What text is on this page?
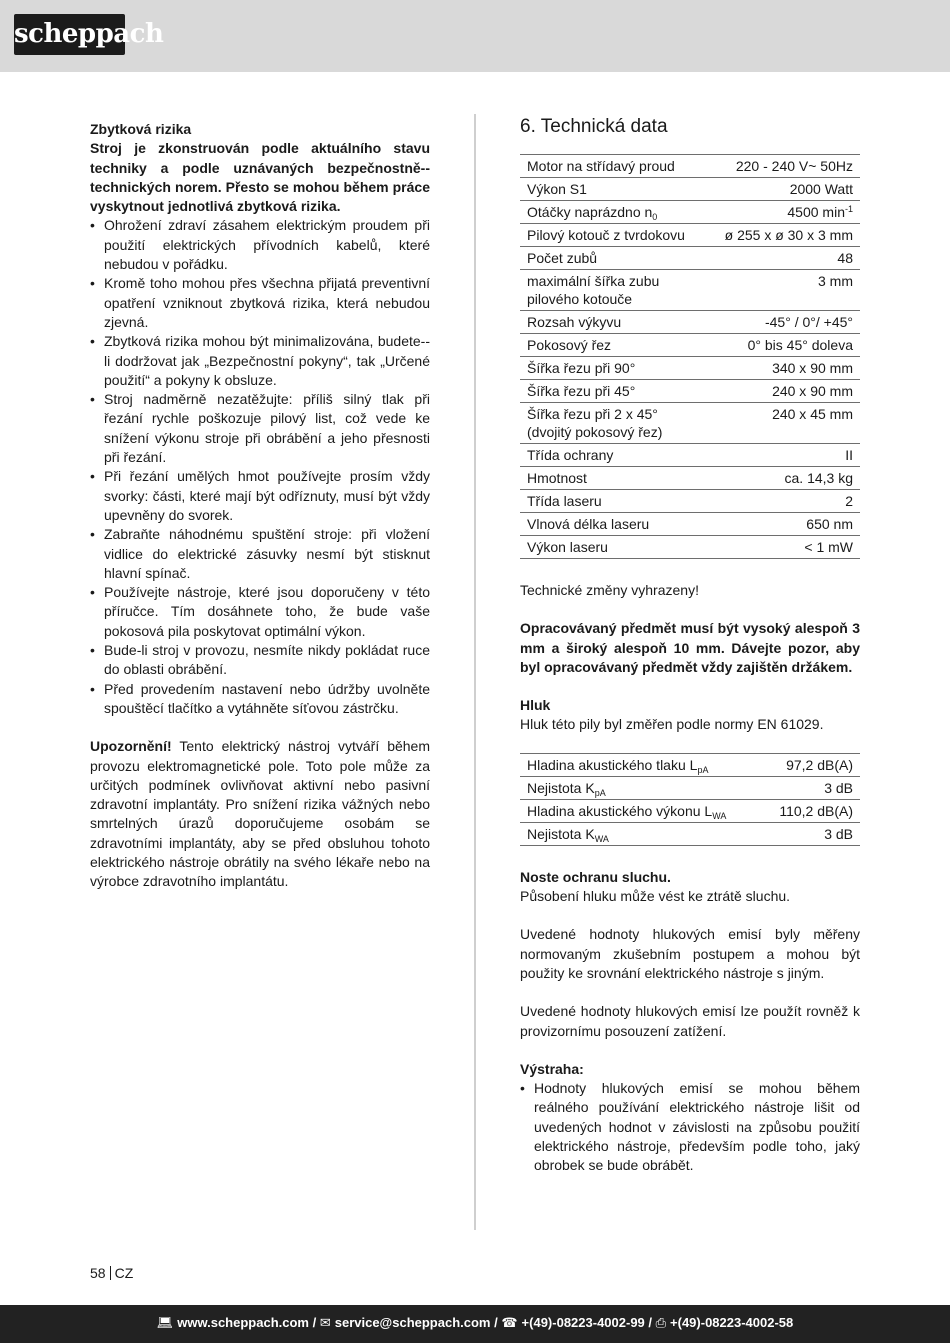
scheppach

Zbytková rizika

Stroj je zkonstruován podle aktuálního stavu techniky a podle uznávaných bezpečnostně--technických norem. Přesto se mohou během práce vyskytnout jednotlivá zbytková rizika.

• Ohrožení zdraví zásahem elektrickým proudem při použití elektrických přívodních kabelů, které nebudou v pořádku.
• Kromě toho mohou přes všechna přijatá preventivní opatření vzniknout zbytková rizika, která nebudou zjevná.
• Zbytková rizika mohou být minimalizována, budete--li dodržovat jak „Bezpečnostní pokyny“, tak „Určené použití“ a pokyny k obsluze.
• Stroj nadměrně nezatěžujte: příliš silný tlak při řezání rychle poškozuje pilový list, což vede ke snížení výkonu stroje při obrábění a jeho přesnosti při řezání.
• Při řezání umělých hmot používejte prosím vždy svorky: části, které mají být odříznuty, musí být vždy upevněny do svorek.
• Zabraňte náhodnému spuštění stroje: při vložení vidlice do elektrické zásuvky nesmí být stisknut hlavní spínač.
• Používejte nástroje, které jsou doporučeny v této příručce. Tím dosáhnete toho, že bude vaše pokosová pila poskytovat optimální výkon.
• Bude-li stroj v provozu, nesmíte nikdy pokládat ruce do oblasti obrábění.
• Před provedením nastavení nebo údržby uvolněte spouštěcí tlačítko a vytáhněte síťovou zástrčku.

Upozornění! Tento elektrický nástroj vytváří během provozu elektromagnetické pole. Toto pole může za určitých podmínek ovlivňovat aktivní nebo pasivní zdravotní implantáty. Pro snížení rizika vážných nebo smrtelných úrazů doporučujeme osobám se zdravotními implantáty, aby se před obsluhou tohoto elektrického nástroje obrátily na svého lékaře nebo na výrobce zdravotního implantátu.

6. Technická data
Motor na střídavý proud	220 - 240 V~ 50Hz
Výkon S1	2000 Watt
Otáčky naprázdno $n_0$	4500 $\min^{-1}$
Pilový kotouč z tvrdokovu	ø 255 x ø 30 x 3 mm
Počet zubů	48
maximální šířka zubu pilového kotouče	3 mm
Rozsah výkyvu	-45° / 0°/ +45°
Pokosový řez	0° bis 45° doleva
Šířka řezu při 90°	340 x 90 mm
Šířka řezu při 45°	240 x 90 mm
Šířka řezu při 2 x 45° (dvojitý pokosový řez)	240 x 45 mm
Třída ochrany	II
Hmotnost	ca. 14,3 kg
Třída laseru	2
Vlnová délka laseru	650 nm
Výkon laseru	< 1 mW

Technické změny vyhrazeny!

Opracovávaný předmět musí být vysoký alespoň 3 mm a široký alespoň 10 mm. Dávejte pozor, aby byl opracovávaný předmět vždy zajištěn držákem.

Hluk

Hluk této pily byl změřen podle normy EN 61029.

Hladina akustického tlaku $L_{pA}$	97,2 dB(A)
Nejistota $K_{pA}$	3 dB
Hladina akustického výkonu $L_{WA}$	110,2 dB(A)
Nejistota $K_{WA}$	3 dB

Noste ochranu sluchu.

Působení hluku může vést ke ztrátě sluchu.

Uvedené hodnoty hlukových emisí byly měřeny normovaným zkušebním postupem a mohou být použity ke srovnání elektrického nástroje s jiným.

Uvedené hodnoty hlukových emisí lze použít rovněž k provizornímu posouzení zatížení.

Výstraha:

• Hodnoty hlukových emisí se mohou během reálného používání elektrického nástroje lišit od uvedených hodnot v závislosti na způsobu použití elektrického nástroje, především podle toho, jaký obrobek se bude obrábět.
58 CZ
💻︎ www.scheppach.com / ✉︎ service@scheppach.com / ☎︎ +(49)-08223-4002-99 / ⎙ +(49)-08223-4002-58
